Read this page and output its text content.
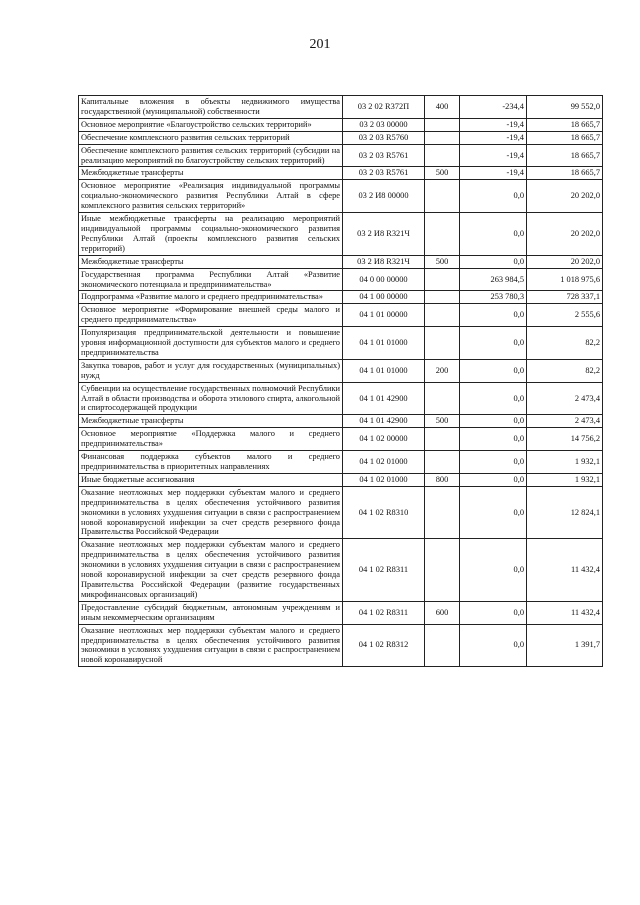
201
Капитальные вложения в объекты недвижимого имущества государственной (муниципальной) собственности	03 2 02 R372П	400	-234,4	99 552,0
Основное мероприятие «Благоустройство сельских территорий»	03 2 03 00000		-19,4	18 665,7
Обеспечение комплексного развития сельских территорий	03 2 03 R5760		-19,4	18 665,7
Обеспечение комплексного развития сельских территорий (субсидии на реализацию мероприятий по благоустройству сельских территорий)	03 2 03 R5761		-19,4	18 665,7
Межбюджетные трансферты	03 2 03 R5761	500	-19,4	18 665,7
Основное мероприятие «Реализация индивидуальной программы социально-экономического развития Республики Алтай в сфере комплексного развития сельских территорий»	03 2 И8 00000		0,0	20 202,0
Иные межбюджетные трансферты на реализацию мероприятий индивидуальной программы социально-экономического развития Республики Алтай (проекты комплексного развития сельских территорий)	03 2 И8 R321Ч		0,0	20 202,0
Межбюджетные трансферты	03 2 И8 R321Ч	500	0,0	20 202,0
Государственная программа Республики Алтай «Развитие экономического потенциала и предпринимательства»	04 0 00 00000		263 984,5	1 018 975,6
Подпрограмма «Развитие малого и среднего предпринимательства»	04 1 00 00000		253 780,3	728 337,1
Основное мероприятие «Формирование внешней среды малого и среднего предпринимательства»	04 1 01 00000		0,0	2 555,6
Популяризация предпринимательской деятельности и повышение уровня информационной доступности для субъектов малого и среднего предпринимательства	04 1 01 01000		0,0	82,2
Закупка товаров, работ и услуг для государственных (муниципальных) нужд	04 1 01 01000	200	0,0	82,2
Субвенции на осуществление государственных полномочий Республики Алтай в области производства и оборота этилового спирта, алкогольной и спиртосодержащей продукции	04 1 01 42900		0,0	2 473,4
Межбюджетные трансферты	04 1 01 42900	500	0,0	2 473,4
Основное мероприятие «Поддержка малого и среднего предпринимательства»	04 1 02 00000		0,0	14 756,2
Финансовая поддержка субъектов малого и среднего предпринимательства в приоритетных направлениях	04 1 02 01000		0,0	1 932,1
Иные бюджетные ассигнования	04 1 02 01000	800	0,0	1 932,1
Оказание неотложных мер поддержки субъектам малого и среднего предпринимательства в целях обеспечения устойчивого развития экономики в условиях ухудшения ситуации в связи с распространением новой коронавирусной инфекции за счет средств резервного фонда Правительства Российской Федерации	04 1 02 R8310		0,0	12 824,1
Оказание неотложных мер поддержки субъектам малого и среднего предпринимательства в целях обеспечения устойчивого развития экономики в условиях ухудшения ситуации в связи с распространением новой коронавирусной инфекции за счет средств резервного фонда Правительства Российской Федерации (развитие государственных микрофинансовых организаций)	04 1 02 R8311		0,0	11 432,4
Предоставление субсидий бюджетным, автономным учреждениям и иным некоммерческим организациям	04 1 02 R8311	600	0,0	11 432,4
Оказание неотложных мер поддержки субъектам малого и среднего предпринимательства в целях обеспечения устойчивого развития экономики в условиях ухудшения ситуации в связи с распространением новой коронавирусной	04 1 02 R8312		0,0	1 391,7
